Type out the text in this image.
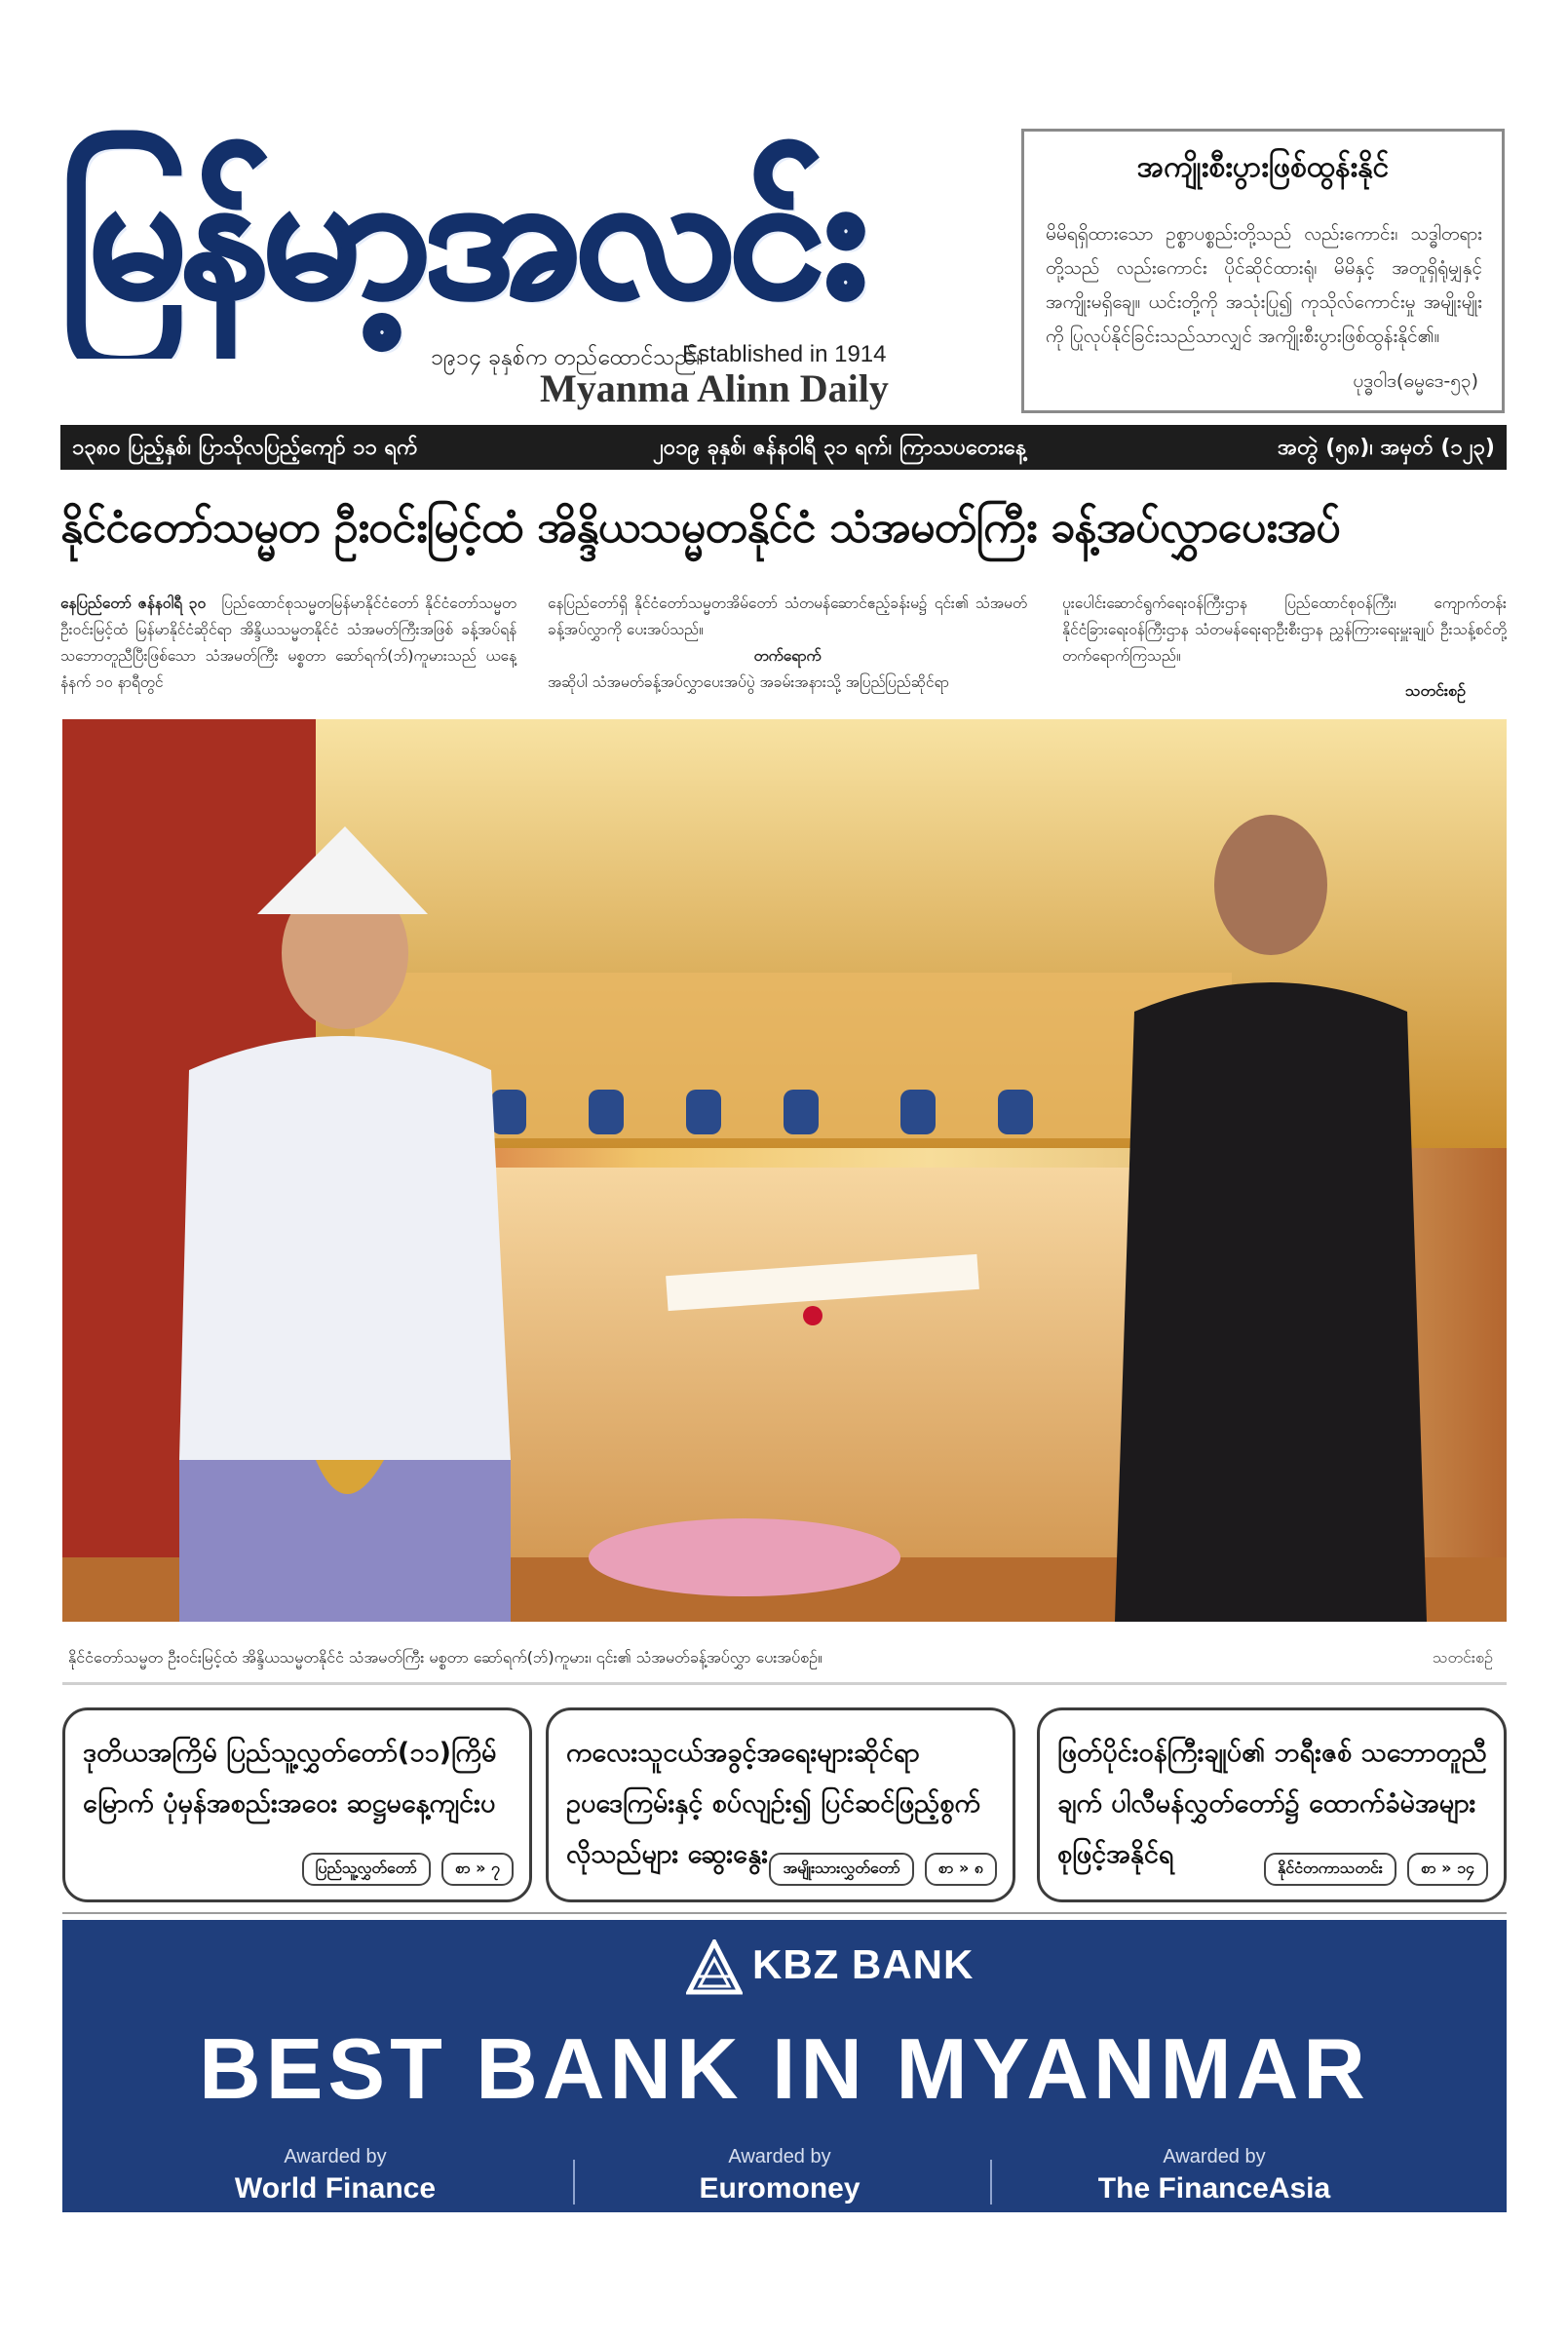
မြန်မာ့အလင်း
၁၉၁၄ ခုနှစ်က တည်ထောင်သည်။
Established in 1914
Myanma Alinn Daily
အကျိုးစီးပွားဖြစ်ထွန်းနိုင်
မိမိရရှိထားသော ဥစ္စာပစ္စည်းတို့သည် လည်းကောင်း၊ သဒ္ဓါတရားတို့သည် လည်းကောင်း ပိုင်ဆိုင်ထားရုံ၊ မိမိနှင့် အတူရှိရုံမျှနှင့် အကျိုးမရှိချေ။ ယင်းတို့ကို အသုံးပြု၍ ကုသိုလ်ကောင်းမှု အမျိုးမျိုးကို ပြုလုပ်နိုင်ခြင်းသည်သာလျှင် အကျိုးစီးပွားဖြစ်ထွန်းနိုင်၏။
ပုဒ္ဓဝါဒ(ဓမ္မဒေ-၅၃)
၁၃၈၀ ပြည့်နှစ်၊ ပြာသိုလပြည့်ကျော် ၁၁ ရက်	၂၀၁၉ ခုနှစ်၊ ဇန်နဝါရီ ၃၁ ရက်၊ ကြာသပတေးနေ့	အတွဲ (၅၈)၊ အမှတ် (၁၂၃)
နိုင်ငံတော်သမ္မတ ဦးဝင်းမြင့်ထံ အိန္ဒိယသမ္မတနိုင်ငံ သံအမတ်ကြီး ခန့်အပ်လွှာပေးအပ်
နေပြည်တော် ဇန်နဝါရီ ၃၀ ပြည်ထောင်စုသမ္မတမြန်မာနိုင်ငံတော် နိုင်ငံတော်သမ္မတ ဦးဝင်းမြင့်ထံ မြန်မာနိုင်ငံဆိုင်ရာ အိန္ဒိယသမ္မတနိုင်ငံ သံအမတ်ကြီးအဖြစ် ခန့်အပ်ရန် သဘောတူညီပြီးဖြစ်သော သံအမတ်ကြီး မစ္စတာ ဆော်ရက်(ဘ်)ကူမားသည် ယနေ့နံနက် ၁၀ နာရီတွင်
နေပြည်တော်ရှိ နိုင်ငံတော်သမ္မတအိမ်တော် သံတမန်ဆောင်ဧည့်ခန်းမ၌ ၎င်း၏ သံအမတ်ခန့်အပ်လွှာကို ပေးအပ်သည်။
တက်ရောက်
အဆိုပါ သံအမတ်ခန့်အပ်လွှာပေးအပ်ပွဲ အခမ်းအနားသို့ အပြည်ပြည်ဆိုင်ရာ
ပူးပေါင်းဆောင်ရွက်ရေးဝန်ကြီးဌာန ပြည်ထောင်စုဝန်ကြီး၊ ကျောက်တန်း နိုင်ငံခြားရေးဝန်ကြီးဌာန သံတမန်ရေးရာဦးစီးဌာန ညွှန်ကြားရေးမှူးချုပ် ဦးသန့်စင်တို့ တက်ရောက်ကြသည်။
သတင်းစဉ်
နိုင်ငံတော်သမ္မတ ဦးဝင်းမြင့်ထံ အိန္ဒိယသမ္မတနိုင်ငံ သံအမတ်ကြီး မစ္စတာ ဆော်ရက်(ဘ်)ကူမား၊ ၎င်း၏ သံအမတ်ခန့်အပ်လွှာ ပေးအပ်စဉ်။	သတင်းစဉ်
ဒုတိယအကြိမ် ပြည်သူ့လွှတ်တော်(၁၁)ကြိမ်မြောက် ပုံမှန်အစည်းအဝေး ဆဋ္ဌမနေ့ကျင်းပ
ပြည်သူ့လွှတ်တော် စာ » ၇
ကလေးသူငယ်အခွင့်အရေးများဆိုင်ရာ ဥပဒေကြမ်းနှင့် စပ်လျဉ်း၍ ပြင်ဆင်ဖြည့်စွက်လိုသည်များ ဆွေးနွေး အမျိုးသားလွှတ်တော် စာ » ၈
ဖြတ်ပိုင်းဝန်ကြီးချုပ်၏ ဘရီးဇစ် သဘောတူညီချက် ပါလီမန်လွှတ်တော်၌ ထောက်ခံမဲအများစုဖြင့်အနိုင်ရ	နိုင်ငံတကာသတင်း စာ » ၁၄
KBZ BANK
BEST BANK IN MYANMAR
Awarded by
World Finance
Awarded by
Euromoney
Awarded by
The FinanceAsia
